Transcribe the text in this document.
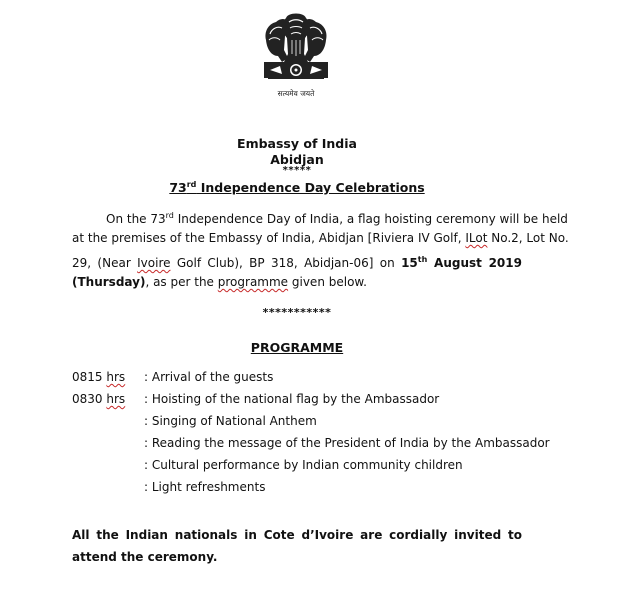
सत्यमेव जयते
Embassy of India
Abidjan
*****
73rd Independence Day Celebrations
On the 73rd Independence Day of India, a flag hoisting ceremony will be held
at the premises of the Embassy of India, Abidjan [Riviera IV Golf, ILot No.2, Lot No.
29, (Near Ivoire Golf Club), BP 318, Abidjan-06] on 15th August 2019
(Thursday), as per the programme given below.
***********
PROGRAMME
0815 hrs : Arrival of the guests
0830 hrs : Hoisting of the national flag by the Ambassador
: Singing of National Anthem
: Reading the message of the President of India by the Ambassador
: Cultural performance by Indian community children
: Light refreshments
All the Indian nationals in Cote d’Ivoire are cordially invited to
attend the ceremony.
